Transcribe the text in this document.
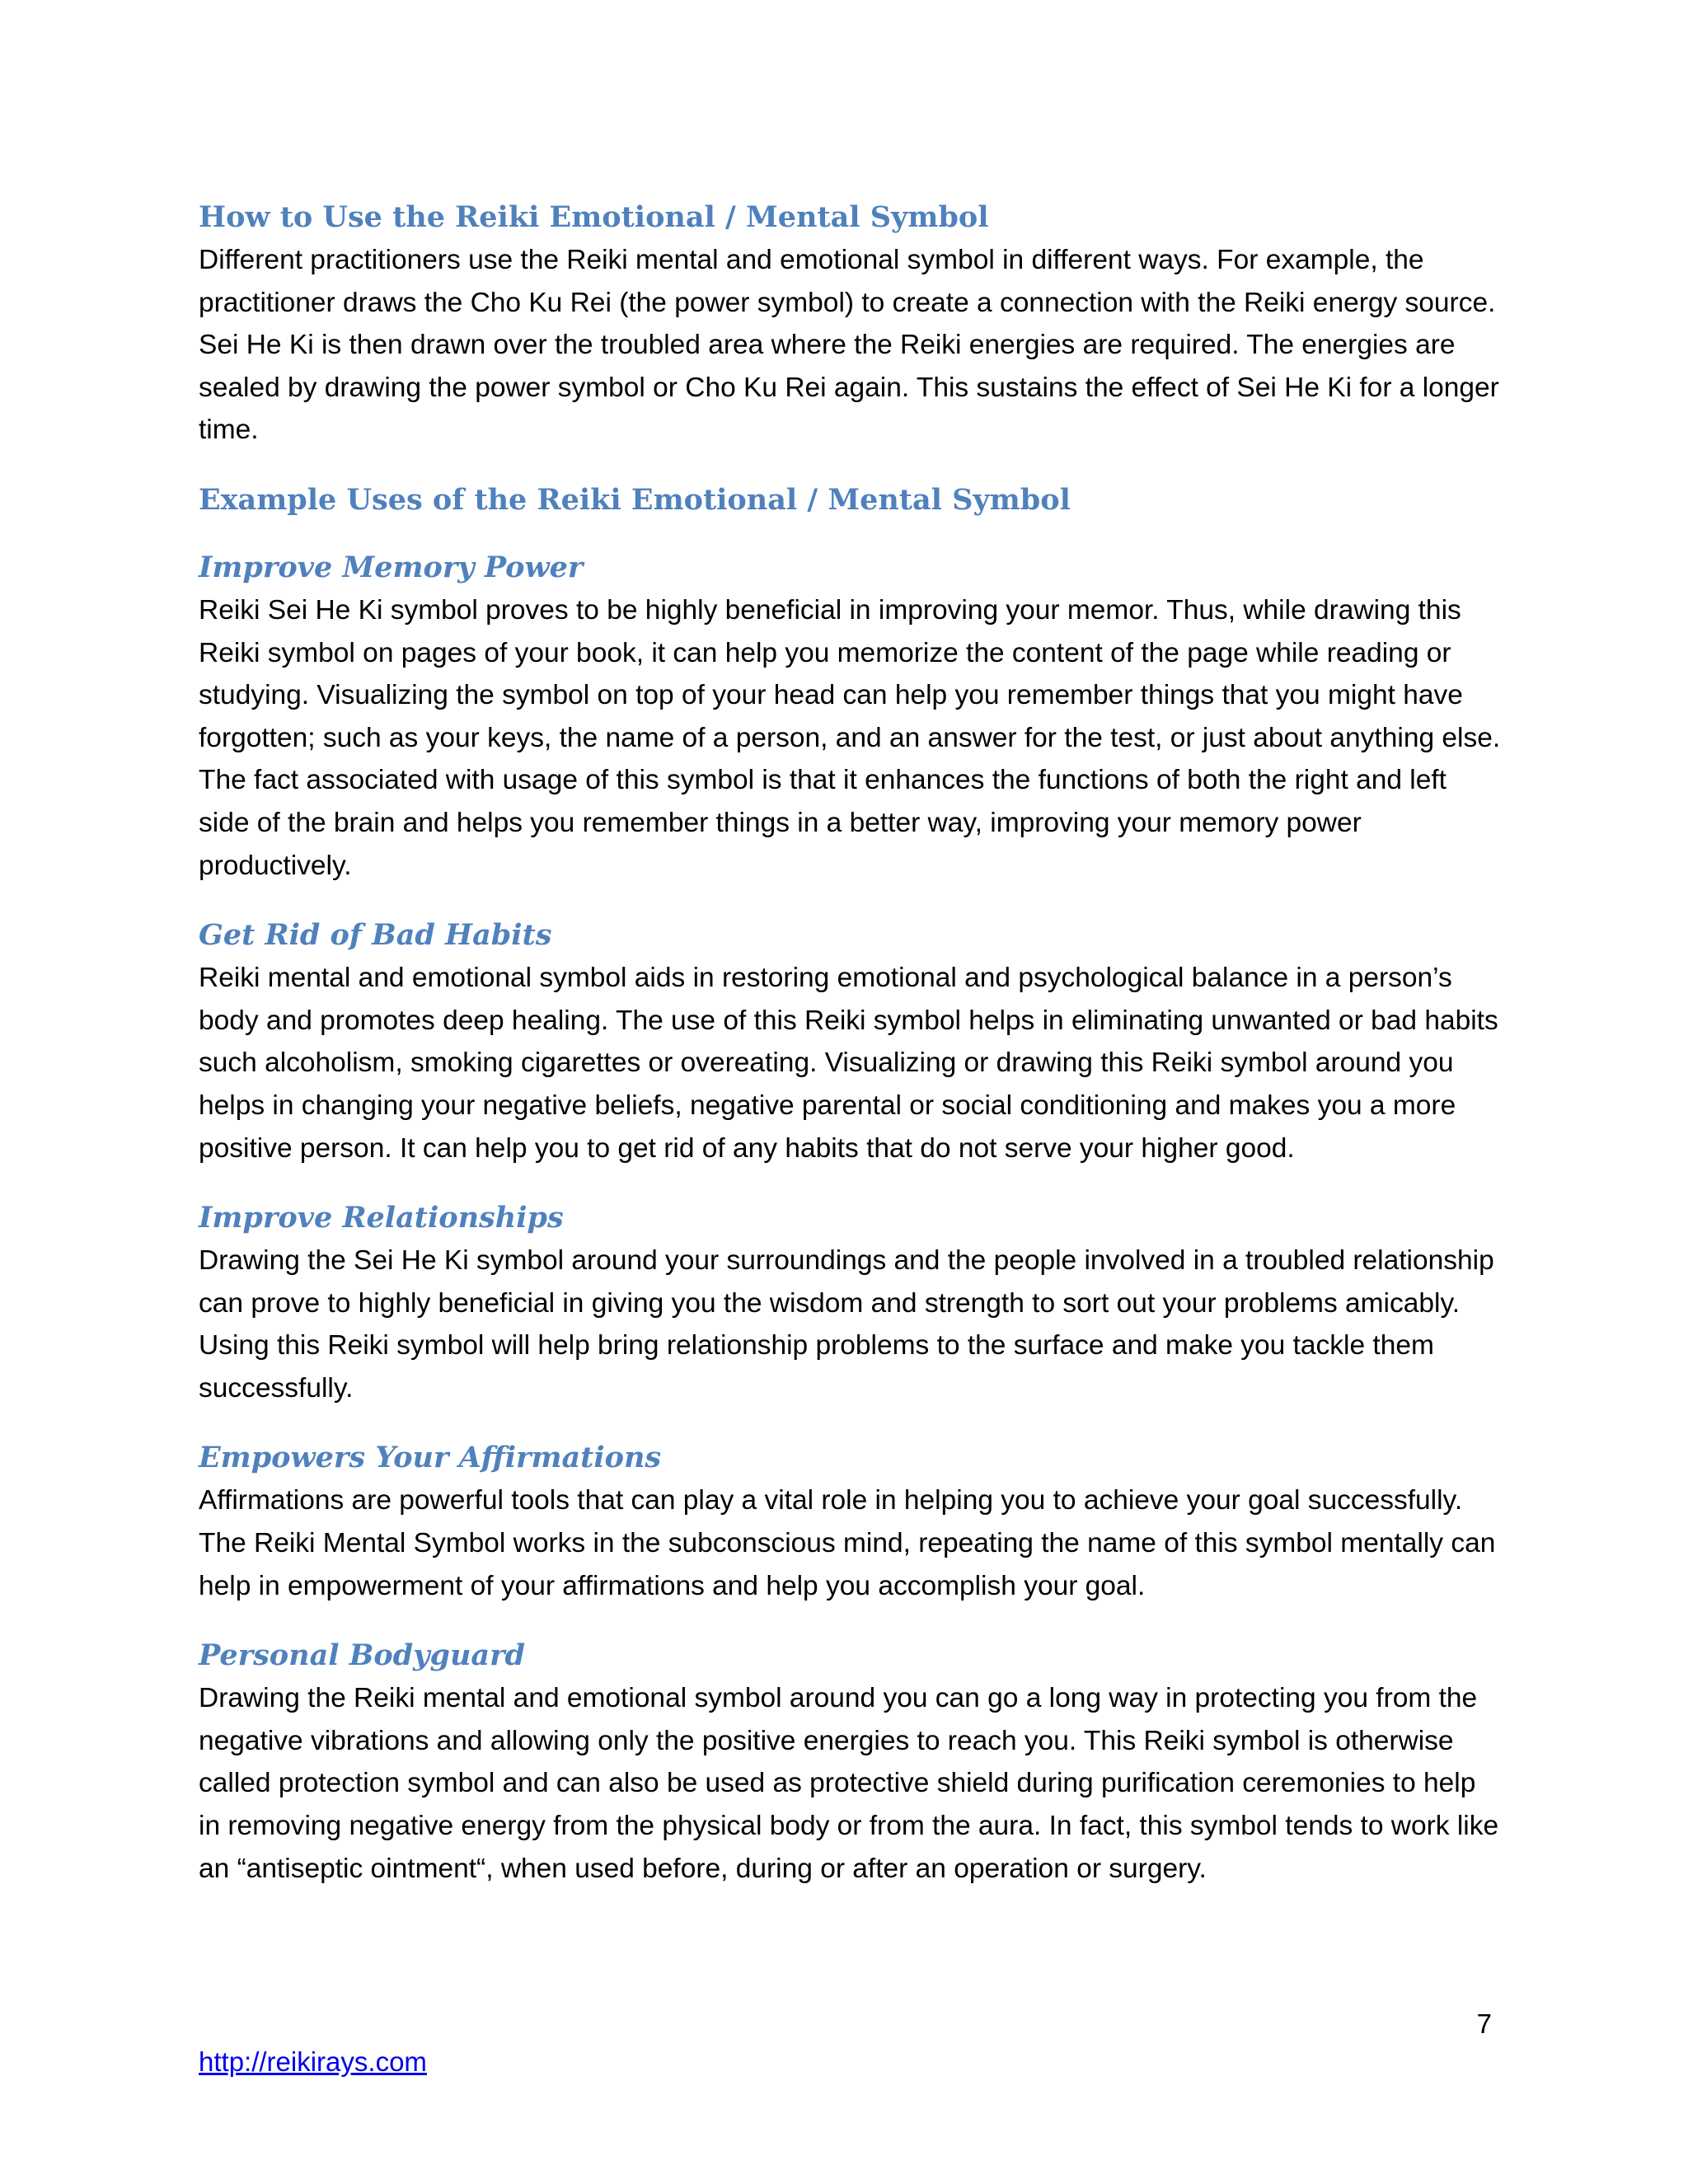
How to Use the Reiki Emotional / Mental Symbol

Different practitioners use the Reiki mental and emotional symbol in different ways. For example, the practitioner draws the Cho Ku Rei (the power symbol) to create a connection with the Reiki energy source. Sei He Ki is then drawn over the troubled area where the Reiki energies are required. The energies are sealed by drawing the power symbol or Cho Ku Rei again. This sustains the effect of Sei He Ki for a longer time.

Example Uses of the Reiki Emotional / Mental Symbol
Improve Memory Power

Reiki Sei He Ki symbol proves to be highly beneficial in improving your memor. Thus, while drawing this Reiki symbol on pages of your book, it can help you memorize the content of the page while reading or studying. Visualizing the symbol on top of your head can help you remember things that you might have forgotten; such as your keys, the name of a person, and an answer for the test, or just about anything else. The fact associated with usage of this symbol is that it enhances the functions of both the right and left side of the brain and helps you remember things in a better way, improving your memory power productively.

Get Rid of Bad Habits

Reiki mental and emotional symbol aids in restoring emotional and psychological balance in a person’s body and promotes deep healing. The use of this Reiki symbol helps in eliminating unwanted or bad habits such alcoholism, smoking cigarettes or overeating. Visualizing or drawing this Reiki symbol around you helps in changing your negative beliefs, negative parental or social conditioning and makes you a more positive person. It can help you to get rid of any habits that do not serve your higher good.

Improve Relationships

Drawing the Sei He Ki symbol around your surroundings and the people involved in a troubled relationship can prove to highly beneficial in giving you the wisdom and strength to sort out your problems amicably. Using this Reiki symbol will help bring relationship problems to the surface and make you tackle them successfully.

Empowers Your Affirmations

Affirmations are powerful tools that can play a vital role in helping you to achieve your goal successfully. The Reiki Mental Symbol works in the subconscious mind, repeating the name of this symbol mentally can help in empowerment of your affirmations and help you accomplish your goal.

Personal Bodyguard

Drawing the Reiki mental and emotional symbol around you can go a long way in protecting you from the negative vibrations and allowing only the positive energies to reach you. This Reiki symbol is otherwise called protection symbol and can also be used as protective shield during purification ceremonies to help in removing negative energy from the physical body or from the aura. In fact, this symbol tends to work like an “antiseptic ointment“, when used before, during or after an operation or surgery.

7
http://reikirays.com
